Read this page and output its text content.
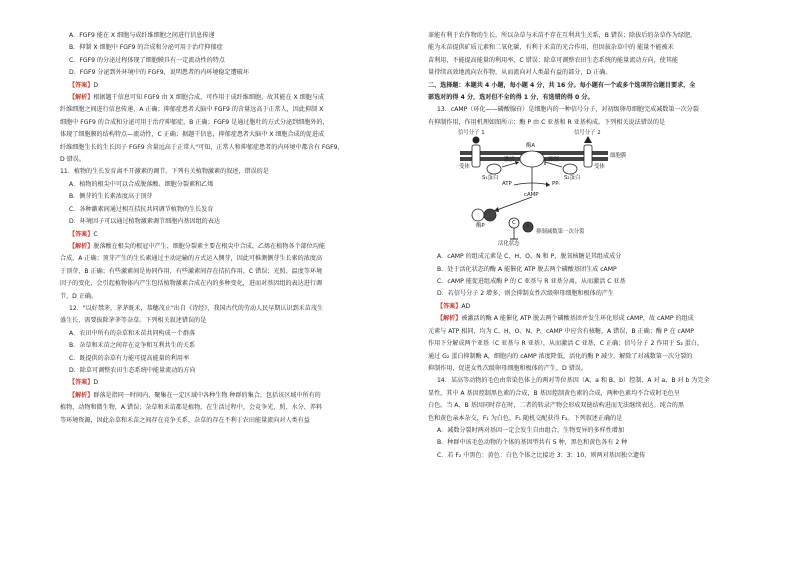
A．FGF9 能在 X 细胞与成纤维细胞之间进行信息传递
B．抑制 X 细胞中 FGF9 的合成和分泌可用于治疗抑郁症
C．FGF9 的分泌过程体现了细胞膜具有一定流动性的特点
D．FGF9 分泌到外环境中的 FGF9，说明患者的内环境稳定遭破坏
【答案】D
【解析】根据题干信息可知 FGF9 由 X 细胞合成，可作用于成纤维细胞，故其能在 X 细胞与成
纤维细胞之间进行信息传递，A 正确；抑郁症患者大脑中 FGF9 的含量远高于正常人，因此抑制 X
细胞中 FGF9 的合成和分泌可用于治疗抑郁症，B 正确；FGF9 是通过胞吐的方式分泌到细胞外的，
体现了细胞膜的结构特点—流动性，C 正确；据题干信息，抑郁症患者大脑中 X 细胞合成的促进成
纤维细胞生长的生长因子 FGF9 含量远高于正常人"可知，正常人和抑郁症患者的内环境中都含有 FGF9，
D 错误。
11．植物的生长发育离不开激素的调节。下列有关植物激素的叙述，错误的是
A．植物的根尖中可以合成脱落酸、细胞分裂素和乙烯
B．侧芽的生长素浓度高于顶芽
C．各种激素间通过相互拮抗共同调节植物的生长发育
D．环境因子可以通过植物激素调节细胞内基因组的表达
【答案】C
【解析】脱落酸在根尖的根冠中产生、细胞分裂素主要在根尖中合成、乙烯在植物各个部位均能
合成，A 正确；顶芽产生的生长素通过主动运输的方式运入侧芽，因此可推测侧芽生长素的浓度高
于顶芽，B 正确；有些激素间是协同作用，有些激素间存在拮抗作用，C 错误；光照、温度等环境
因子的变化，会引起植物体内产生包括植物激素合成在内的多种变化，进而对基因组的表达进行调
节，D 正确。
12．"以好禁茅，茅茅既禾，恭穗茂止"出自《诗经》，我国古代的劳动人民早期认识到禾苗茂生
盛生长，需要拔除茅茅等杂草。下列相关叙述错误的是
A．农田中所有的杂草和禾苗共同构成一个群落
B．杂草和禾苗之间存在竞争和互利共生的关系
C．既提供的杂草有力能可提高能量的利用率
D．除草可调整农田生态系统中能量流动的方向
【答案】D
【解析】群落是指同一时间内，聚集在一定区域中各种生物 种群的集合，包括该区域中所有的
植物、动物和微生物，A 错误；杂草和禾苗都是植物，在生活过程中，会竞争光、照、水分、养料
等环境资源，因此杂草和禾苗之间存在竞争关系，杂草的存在不利于农田能量流向对人类有益
革能有利于农作物的生长，所以杂草与禾苗不存在互利共生关系，B 错误；除拔后的杂草作为绿肥，
能为禾苗提供矿质元素和二氧化碳，有利于禾苗的光合作用，但因拔杂草中的 能量不能被禾
苗利用，不能提高能量的利用率，C 错误；除草可调整农田生态系统的能量流动方向，使其能
量持续高效地流向农作物，从而流向对人类最有益的部分，D 正确。
二、选择题：本题共 4 小题，每小题 4 分，共 16 分。每小题有一个或多个选项符合题目要求，全
部选对的得 4 分，选对但不全的得 1 分，有选错的得 0 分。
13．cAMP（环化——磷酸腺苷）是细胞内的一种信号分子，对初级卵母细胞完成减数第一次分裂
有抑制作用，作用机理如图所示：酶 P 由 C 亚基和 R 亚基构成。下列相关说法错误的是
信号分子 1	信号分子 2
酶A
激活	抑制
受体	受体
S₁蛋白	S₂蛋白
细胞膜
ATP	PPᵢ
cAMP
酶P	C
R
活化状态
抑制减数第一次分裂
A．cAMP 的组成元素是 C、H、O、N 和 P，脱氧核糖是其组成成分
B．处于活化状态的酶 A 能催化 ATP 脱去两个磷酸基团生成 cAMP
C．cAMP 能促进组成酶 P 的 C 亚基与 R 亚基分离，从而激活 C 亚基
D．若信号分子 2 增多，则会抑制女性次级卵母细胞和极体的产生
【答案】AD
【解析】被激活的酶 A 能催化 ATP 脱去两个磷酸基团并发生环化形成 cAMP，故 cAMP 的组成
元素与 ATP 相同，均为 C、H、O、N、P，cAMP 中应含有核糖，A 错误，B 正确；酶 P 在 cAMP
作用下分解成两个亚基（C 亚基与 R 亚基），从而激活 C 亚基，C 正确；信号分子 2 作用于 S₂ 蛋白，
通过 G₂ 蛋白抑制酶 A，细胞内的 cAMP 浓度降低，活化的酶 P 减少，解除了对减数第一次分裂的
抑制作用，促进女性次级卵母细胞和极体的产生，D 错误。
14．某高等动物的毛色由常染色体上的两对等位基因（A、a 和 B、b）控制，A 对 a、B 对 b 为完全
显性，其中 A 基因控制黑色素的合成，B 基因控制黄色素的合成，两种色素均不合成时毛色呈
白色。当 A、B 基因同时存在时，二者的转录产物会形成双链结构进而无法继续表达。纯合的黑
色和黄色亲本杂交，F₁ 为白色，F₁ 随机交配获得 F₂。下列叙述正确的是
A．减数分裂时两对基因一定会发生自由组合，生物变异的多样性增加
B．种群中该毛色动物的个体的基因型共有 5 种，黑色和黄色各有 2 种
C．若 F₂ 中黑色：黄色：白色个体之比接近 3：3：10，则两对基因独立遗传
